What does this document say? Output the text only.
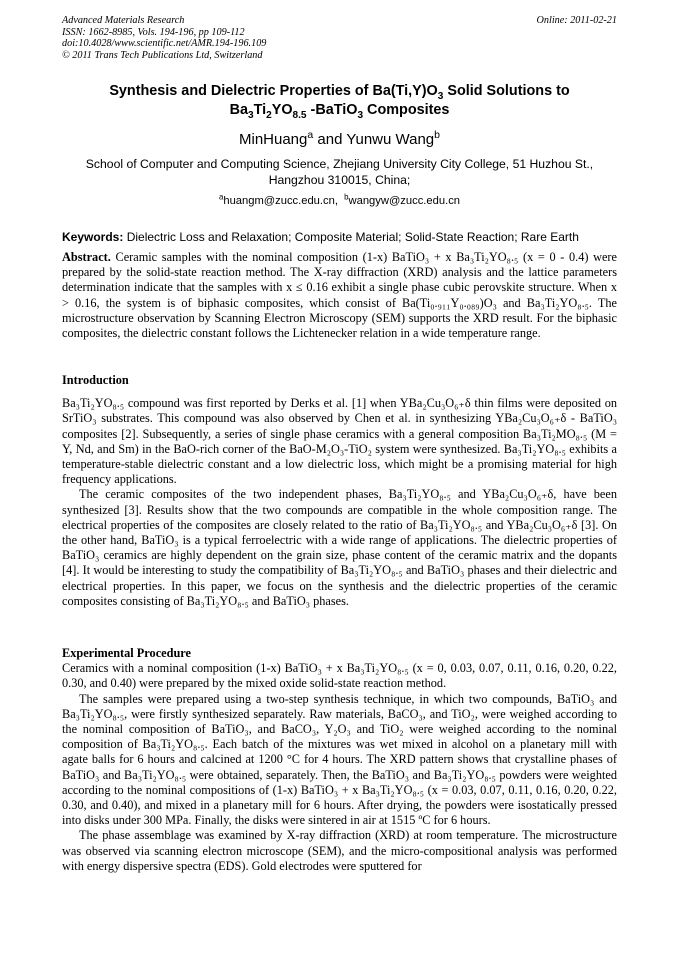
Advanced Materials Research
ISSN: 1662-8985, Vols. 194-196, pp 109-112
doi:10.4028/www.scientific.net/AMR.194-196.109
© 2011 Trans Tech Publications Ltd, Switzerland
Online: 2011-02-21
Synthesis and Dielectric Properties of $Ba(Ti,Y)O_3$ Solid Solutions to
$Ba_3Ti_2YO_{8.5}$ -BaTiO$_3$ Composites
MinHuang$^a$ and Yunwu Wang$^b$
School of Computer and Computing Science, Zhejiang University City College, 51 Huzhou St., Hangzhou 310015, China;
$^a$huangm@zucc.edu.cn, $^b$wangyw@zucc.edu.cn
Keywords: Dielectric Loss and Relaxation; Composite Material; Solid-State Reaction; Rare Earth

Abstract. Ceramic samples with the nominal composition (1-x) BaTiO₃ + x Ba₃Ti₂YO₈.₅ (x = 0 - 0.4) were prepared by the solid-state reaction method. The X-ray diffraction (XRD) analysis and the lattice parameters determination indicate that the samples with x ≤ 0.16 exhibit a single phase cubic perovskite structure. When x > 0.16, the system is of biphasic composites, which consist of Ba(Ti₀.₉₁₁Y₀.₀₈₉)O₃ and Ba₃Ti₂YO₈.₅. The microstructure observation by Scanning Electron Microscopy (SEM) supports the XRD result. For the biphasic composites, the dielectric constant follows the Lichtenecker relation in a wide temperature range.

Introduction

Ba₃Ti₂YO₈.₅ compound was first reported by Derks et al. [1] when YBa₂Cu₃O₆₊δ thin films were deposited on SrTiO₃ substrates. This compound was also observed by Chen et al. in synthesizing YBa₂Cu₃O₆₊δ - BaTiO₃ composites [2]. Subsequently, a series of single phase ceramics with a general composition Ba₃Ti₂MO₈.₅ (M = Y, Nd, and Sm) in the BaO-rich corner of the BaO-M₂O₃-TiO₂ system were synthesized. Ba₃Ti₂YO₈.₅ exhibits a temperature-stable dielectric constant and a low dielectric loss, which might be a promising material for high frequency applications.

The ceramic composites of the two independent phases, Ba₃Ti₂YO₈.₅ and YBa₂Cu₃O₆₊δ, have been synthesized [3]. Results show that the two compounds are compatible in the whole composition range. The electrical properties of the composites are closely related to the ratio of Ba₃Ti₂YO₈.₅ and YBa₂Cu₃O₆₊δ [3]. On the other hand, BaTiO₃ is a typical ferroelectric with a wide range of applications. The dielectric properties of BaTiO₃ ceramics are highly dependent on the grain size, phase content of the ceramic matrix and the dopants [4]. It would be interesting to study the compatibility of Ba₃Ti₂YO₈.₅ and BaTiO₃ phases and their dielectric and electrical properties. In this paper, we focus on the synthesis and the dielectric properties of the ceramic composites consisting of Ba₃Ti₂YO₈.₅ and BaTiO₃ phases.

Experimental Procedure

Ceramics with a nominal composition (1-x) BaTiO₃ + x Ba₃Ti₂YO₈.₅ (x = 0, 0.03, 0.07, 0.11, 0.16, 0.20, 0.22, 0.30, and 0.40) were prepared by the mixed oxide solid-state reaction method.

The samples were prepared using a two-step synthesis technique, in which two compounds, BaTiO₃ and Ba₃Ti₂YO₈.₅, were firstly synthesized separately. Raw materials, BaCO₃, and TiO₂, were weighed according to the nominal composition of BaTiO₃, and BaCO₃, Y₂O₃ and TiO₂ were weighed according to the nominal composition of Ba₃Ti₂YO₈.₅. Each batch of the mixtures was wet mixed in alcohol on a planetary mill with agate balls for 6 hours and calcined at 1200 °C for 4 hours. The XRD pattern shows that crystalline phases of BaTiO₃ and Ba₃Ti₂YO₈.₅ were obtained, separately. Then, the BaTiO₃ and Ba₃Ti₂YO₈.₅ powders were weighted according to the nominal compositions of (1-x) BaTiO₃ + x Ba₃Ti₂YO₈.₅ (x = 0.03, 0.07, 0.11, 0.16, 0.20, 0.22, 0.30, and 0.40), and mixed in a planetary mill for 6 hours. After drying, the powders were isostatically pressed into disks under 300 MPa. Finally, the disks were sintered in air at 1515 ºC for 6 hours.

The phase assemblage was examined by X-ray diffraction (XRD) at room temperature. The microstructure was observed via scanning electron microscope (SEM), and the micro-compositional analysis was performed with energy dispersive spectra (EDS). Gold electrodes were sputtered for
